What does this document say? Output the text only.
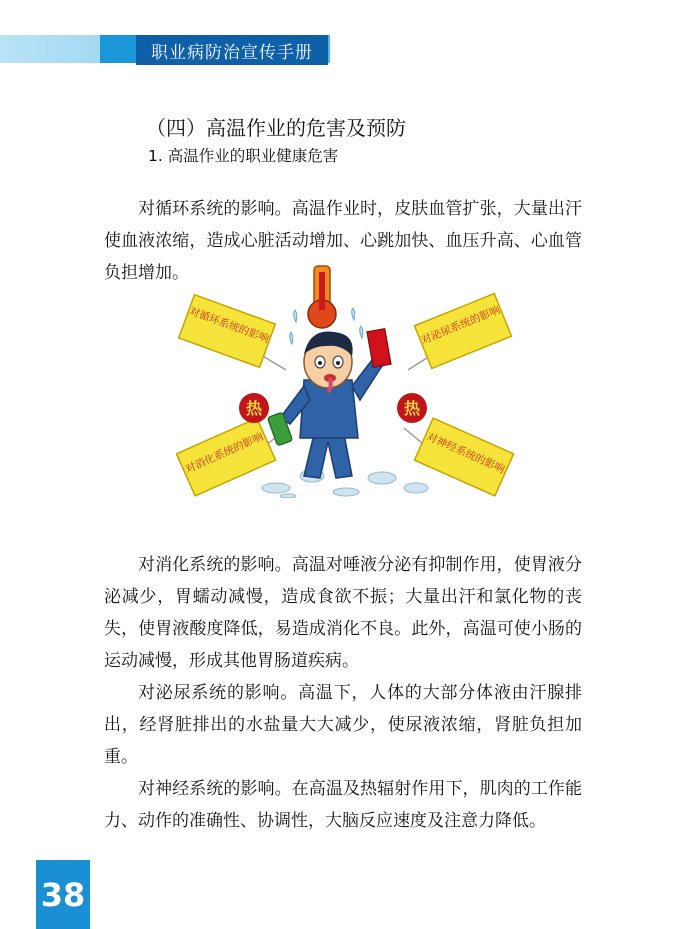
职业病防治宣传手册
（四）高温作业的危害及预防
1. 高温作业的职业健康危害

对循环系统的影响。高温作业时，皮肤血管扩张，大量出汗使血液浓缩，造成心脏活动增加、心跳加快、血压升高、心血管负担增加。

对循环系统的影响	对泌尿系统的影响
对消化系统的影响	对神经系统的影响
热	热

对消化系统的影响。高温对唾液分泌有抑制作用，使胃液分泌减少，胃蠕动减慢，造成食欲不振；大量出汗和氯化物的丧失，使胃液酸度降低，易造成消化不良。此外，高温可使小肠的运动减慢，形成其他胃肠道疾病。

对泌尿系统的影响。高温下，人体的大部分体液由汗腺排出，经肾脏排出的水盐量大大减少，使尿液浓缩，肾脏负担加重。

对神经系统的影响。在高温及热辐射作用下，肌肉的工作能力、动作的准确性、协调性，大脑反应速度及注意力降低。

38
